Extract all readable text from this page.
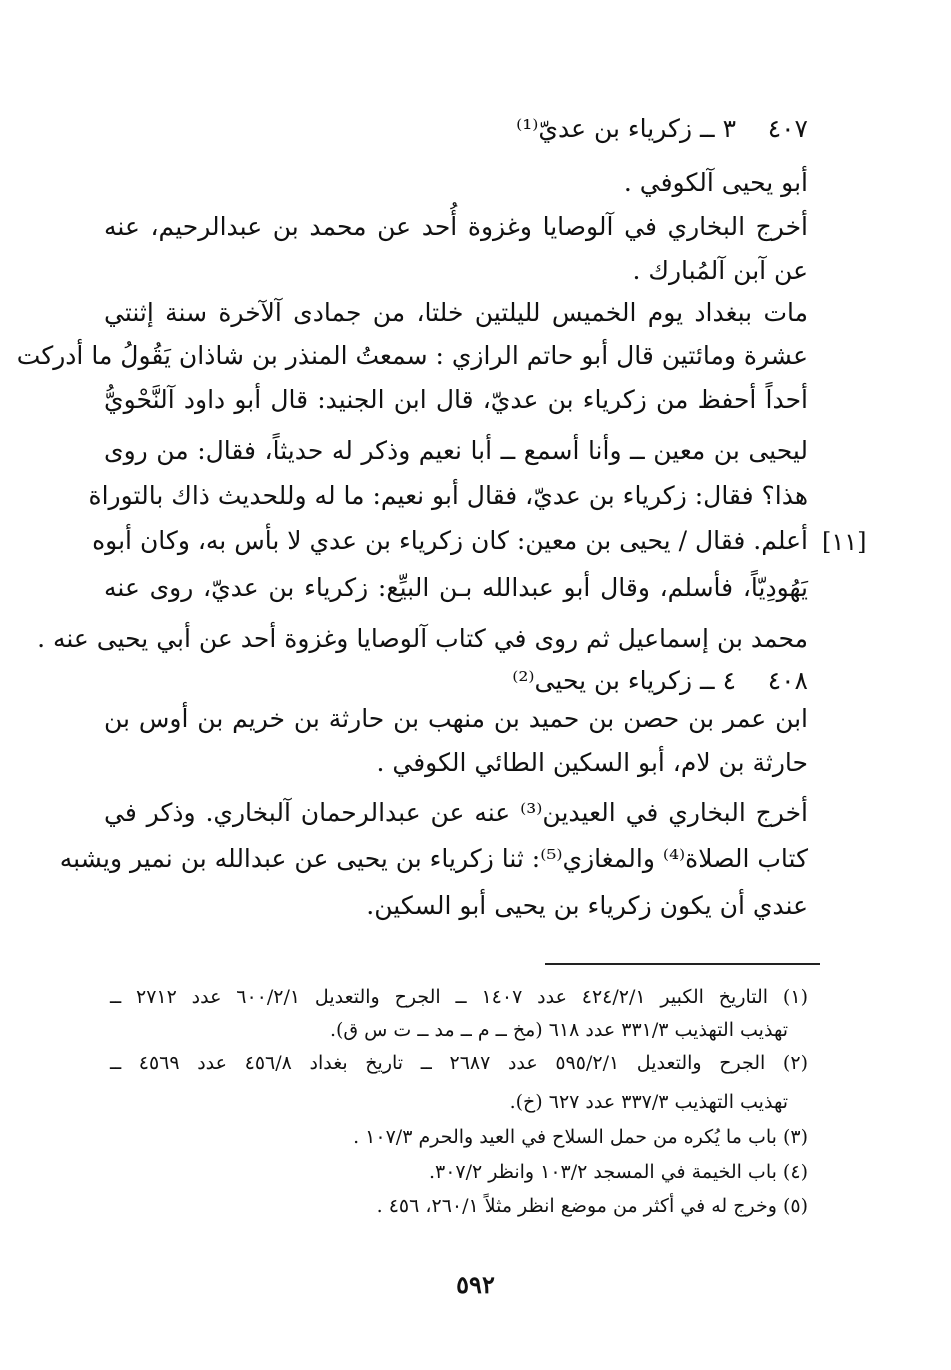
٤٠٧
٣ ــ زكرياء بن عديّ⁽¹⁾
أبو يحيى آلكوفي .
أخرج البخاري في آلوصايا وغزوة أُحد عن محمد بن عبدالرحيم، عنه
عن آبن آلمُبارك .
مات ببغداد يوم الخميس لليلتين خلتا، من جمادى آلآخرة سنة إثنتي
عشرة ومائتين قال أبو حاتم الرازي : سمعتُ المنذر بن شاذان يَقُولُ ما أدركت
أحداً أحفظ من زكرياء بن عديّ، قال ابن الجنيد: قال أبو داود آلنَّحْويُّ
ليحيى بن معين ــ وأنا أسمع ــ أبا نعيم وذكر له حديثاً، فقال: من روى
هذا؟ فقال: زكرياء بن عديّ، فقال أبو نعيم: ما له وللحديث ذاك بالتوراة
أعلم. فقال / يحيى بن معين: كان زكرياء بن عدي لا بأس به، وكان أبوه [١١]
يَهُودِيّاً، فأسلم، وقال أبو عبدالله بـن البيِّع: زكرياء بن عديّ، روى عنه
محمد بن إسماعيل ثم روى في كتاب آلوصايا وغزوة أحد عن أبي يحيى عنه .
٤٠٨
٤ ــ زكرياء بن يحيى⁽²⁾
ابن عمر بن حصن بن حميد بن منهب بن حارثة بن خريم بن أوس بن
حارثة بن لام، أبو السكين الطائي الكوفي .
أخرج البخاري في العيدين⁽³⁾ عنه عن عبدالرحمان آلبخاري. وذكر في
كتاب الصلاة⁽⁴⁾ والمغازي⁽⁵⁾: ثنا زكرياء بن يحيى عن عبدالله بن نمير ويشبه
عندي أن يكون زكرياء بن يحيى أبو السكين.
(١) التاريخ الكبير ٤٢٤/٢/١ عدد ١٤٠٧ ــ الجرح والتعديل ٦٠٠/٢/١ عدد ٢٧١٢ ــ
تهذيب التهذيب ٣٣١/٣ عدد ٦١٨ (مخ ــ م ــ مد ــ ت س ق).
(٢) الجرح والتعديل ٥٩٥/٢/١ عدد ٢٦٨٧ ــ تاريخ بغداد ٤٥٦/٨ عدد ٤٥٦٩ ــ
تهذيب التهذيب ٣٣٧/٣ عدد ٦٢٧ (خ).
(٣) باب ما يُكره من حمل السلاح في العيد والحرم ١٠٧/٣ .
(٤) باب الخيمة في المسجد ١٠٣/٢ وانظر ٣٠٧/٢.
(٥) وخرج له في أكثر من موضع انظر مثلاً ٢٦٠/١، ٤٥٦ .
٥٩٢
